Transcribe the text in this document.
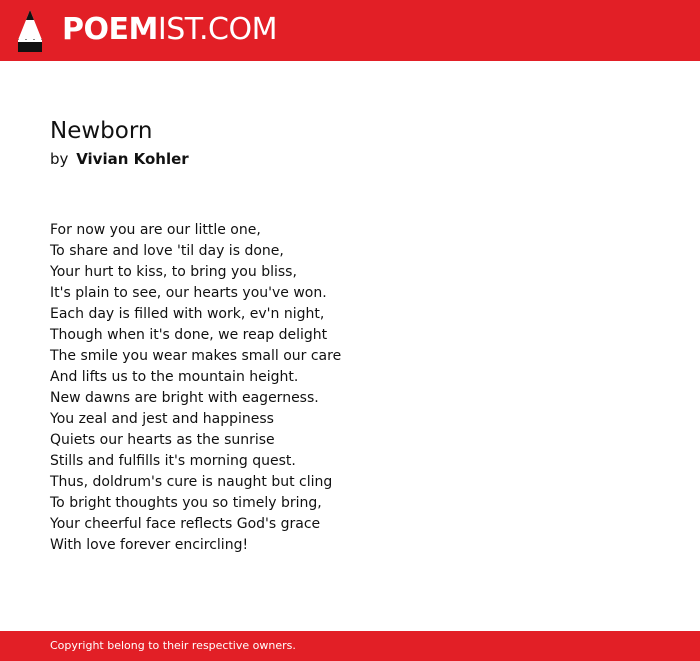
POEMIST.COM
Newborn
by Vivian Kohler
For now you are our little one,
To share and love 'til day is done,
Your hurt to kiss, to bring you bliss,
It's plain to see, our hearts you've won.
Each day is filled with work, ev'n night,
Though when it's done, we reap delight
The smile you wear makes small our care
And lifts us to the mountain height.
New dawns are bright with eagerness.
You zeal and jest and happiness
Quiets our hearts as the sunrise
Stills and fulfills it's morning quest.
Thus, doldrum's cure is naught but cling
To bright thoughts you so timely bring,
Your cheerful face reflects God's grace
With love forever encircling!
Copyright belong to their respective owners.
